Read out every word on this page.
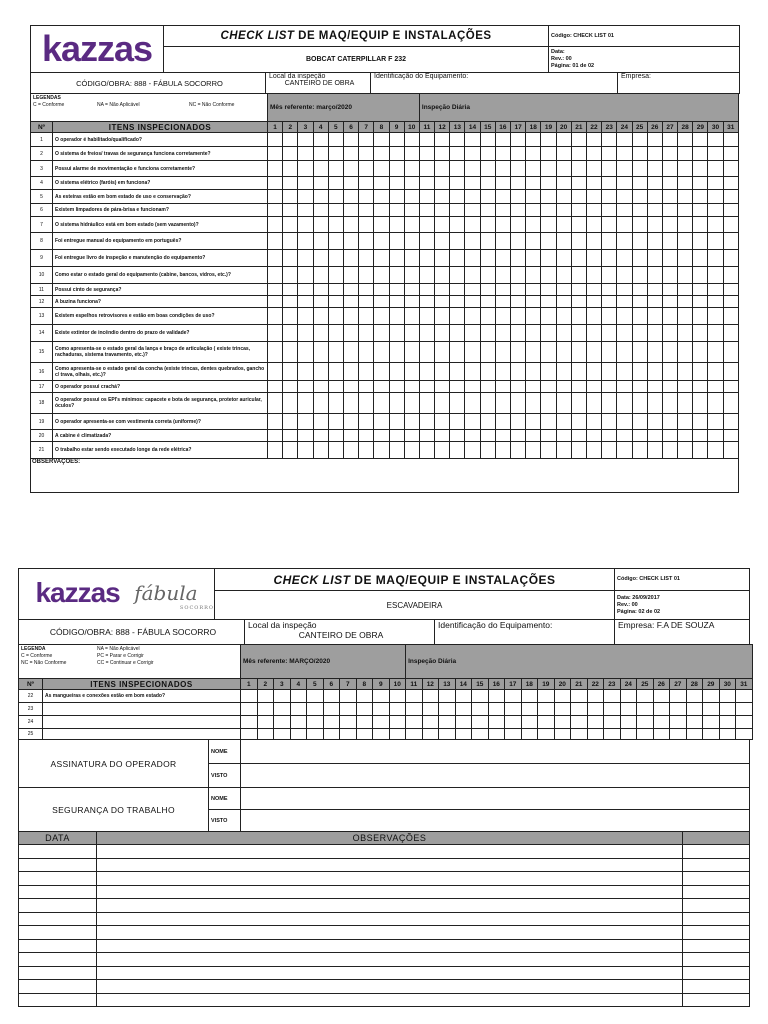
kazzas	CHECK LIST DE MAQ/EQUIP E INSTALAÇÕES			Código: CHECK LIST 01	
	BOBCAT CATERPILLAR F 232			Data:
Rev.: 00
Página: 01 de 02	

CÓDIGO/OBRA: 888 - FÁBULA SOCORRO		Local da inspeção
CANTEIRO DE OBRA	Identificação do Equipamento:		Empresa:
LEGENDAS
C = Conforme NA = Não Aplicável NC = Não Conforme		Mês referente: março/2020										Inspeção Diária																				
Nº	ITENS INSPECIONADOS	1	2	3	4	5	6	7	8	9	10	11	12	13	14	15	16	17	18	19	20	21	22	23	24	25	26	27	28	29	30	31
1	O operador é habilitado/qualificado?																															
2	O sistema de freios/ travas de segurança funciona corretamente?																															
3	Possui alarme de movimentação e funciona corretamente?																															
4	O sistema elétrico (faróis) em funciona?																															
5	As esteiras estão em bom estado de uso e conservação?																															
6	Existem limpadores de pára-brisa e funcionam?																															
7	O sistema hidráulico está em bom estado (sem vazamento)?																															
8	Foi entregue manual do equipamento em português?																															
9	Foi entregue livro de inspeção e manutenção do equipamento?																															
10	Como estar o estado geral do equipamento (cabine, bancos, vidros, etc.)?																															
11	Possui cinto de segurança?																															
12	A buzina funciona?																															
13	Existem espelhos retrovisores e estão em boas condições de uso?																															
14	Existe extintor de incêndio dentro do prazo de validade?																															
15	Como apresenta-se o estado geral da lança e braço de articulação ( existe trincas, rachaduras, sistema travamento, etc.)?																															
16	Como apresenta-se o estado geral da concha (existe trincas, dentes quebrados, gancho c/ trava, olhais, etc.)?																															
17	O operador possui crachá?																															
18	O operador possui os EPI's mínimos: capacete e bota de segurança, protetor auricular, óculos?																															
19	O operador apresenta-se com vestimenta correta (uniforme)?																															
20	A cabine é climatizada?																															
21	O trabalho estar sendo executado longe da rede elétrica?																															
OBSERVAÇÕES:																																
kazzas fábula
SOCORRO	CHECK LIST DE MAQ/EQUIP E INSTALAÇÕES			Código: CHECK LIST 01
	ESCAVADEIRA			Data: 26/09/2017
Rev.: 00
Página: 02 de 02

CÓDIGO/OBRA: 888 - FÁBULA SOCORRO		Local da inspeção
CANTEIRO DE OBRA	Identificação do Equipamento:	Empresa: F.A DE SOUZA
LEGENDA NA = Não Aplicável
C = Conforme PC = Parar e Corrigir
NC = Não Conforme CC = Continuar e Corrigir		Mês referente: MARÇO/2020										Inspeção Diária																				
Nº	ITENS INSPECIONADOS	1	2	3	4	5	6	7	8	9	10	11	12	13	14	15	16	17	18	19	20	21	22	23	24	25	26	27	28	29	30	31
22	As mangueiras e conexões estão em bom estado?																															
23																																
24																																
25																																
ASSINATURA DO OPERADOR	NOME	
	VISTO	
SEGURANÇA DO TRABALHO	NOME	
	VISTO	
DATA	OBSERVAÇÕES	
